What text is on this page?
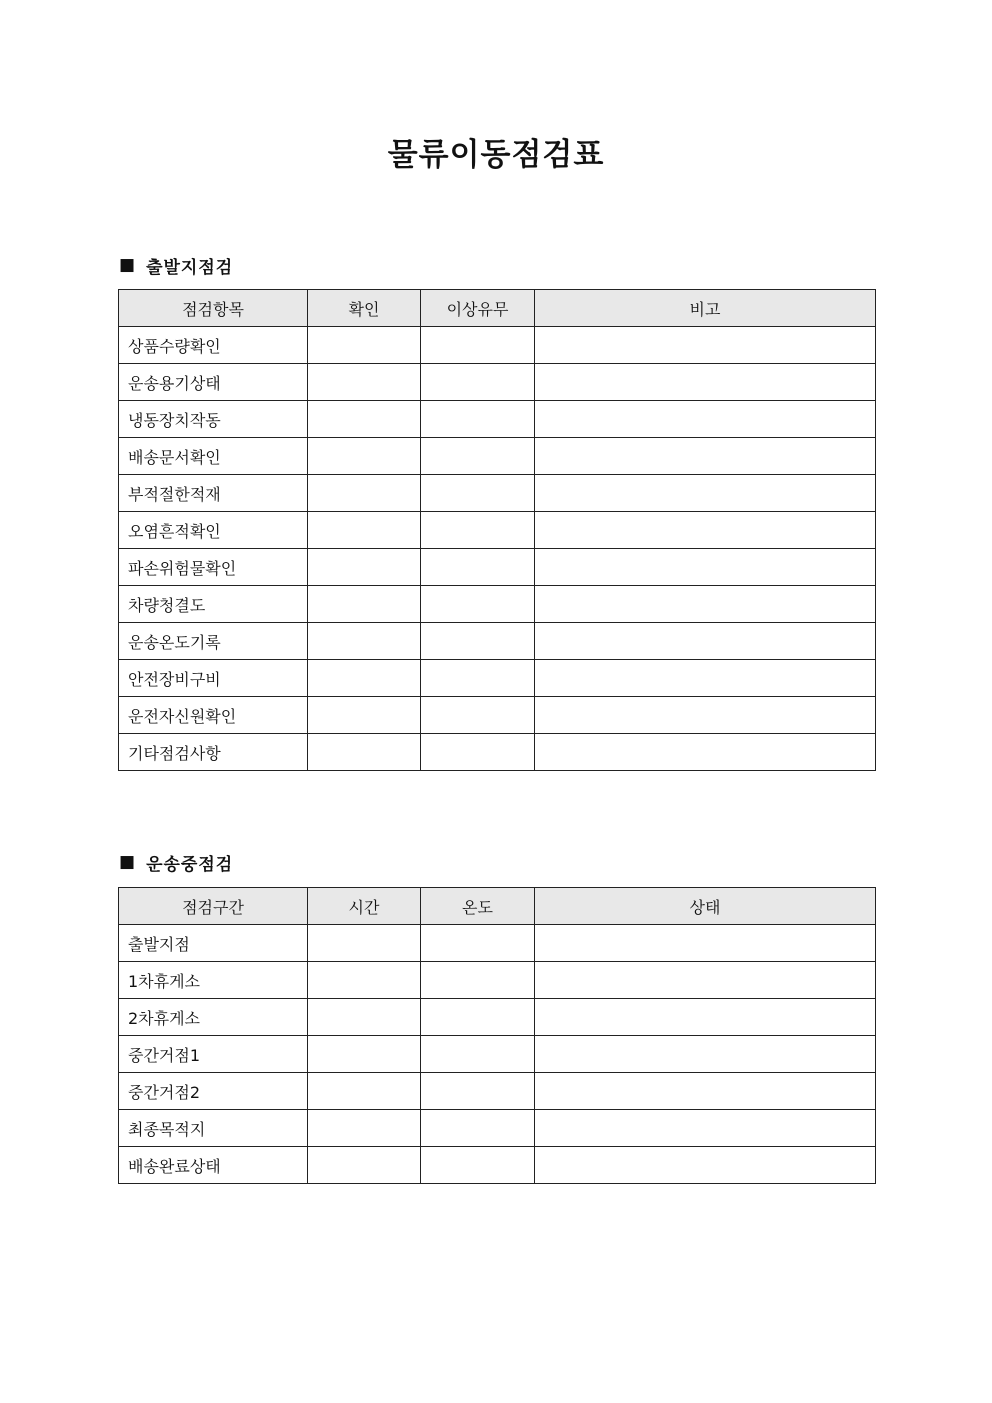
물류이동점검표
■ 출발지점검
점검항목	확인	이상유무	비고
상품수량확인			
운송용기상태			
냉동장치작동			
배송문서확인			
부적절한적재			
오염흔적확인			
파손위험물확인			
차량청결도			
운송온도기록			
안전장비구비			
운전자신원확인			
기타점검사항			
■ 운송중점검
점검구간	시간	온도	상태
출발지점			
1차휴게소			
2차휴게소			
중간거점1			
중간거점2			
최종목적지			
배송완료상태			
